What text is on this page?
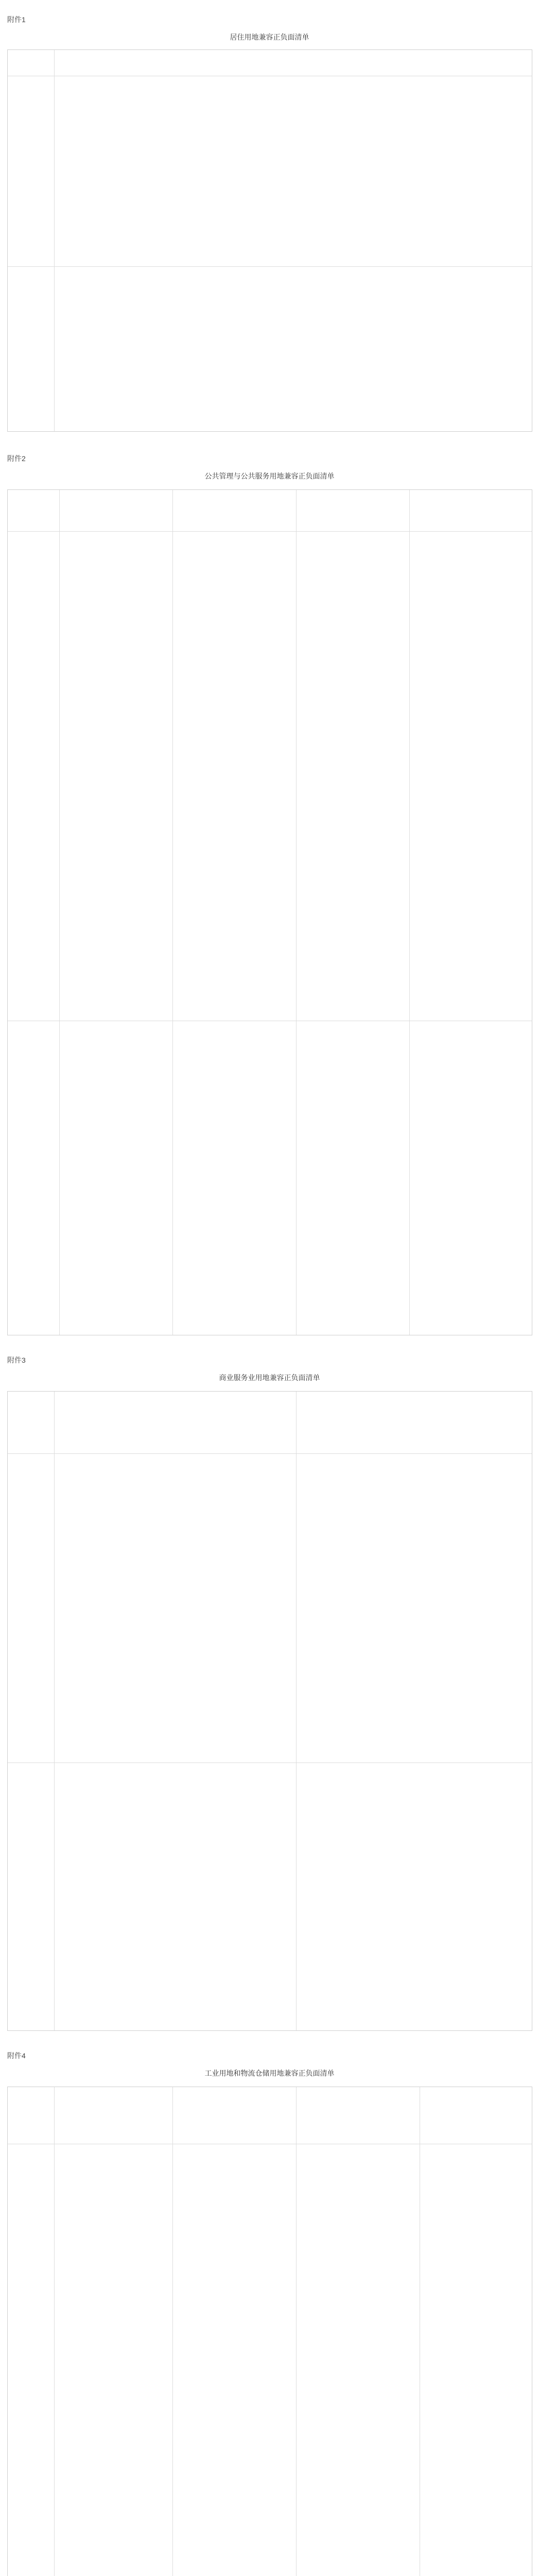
附件1
居住用地兼容正负面清单
附件2
公共管理与公共服务用地兼容正负面清单
附件3
商业服务业用地兼容正负面清单
附件4
工业用地和物流仓储用地兼容正负面清单
